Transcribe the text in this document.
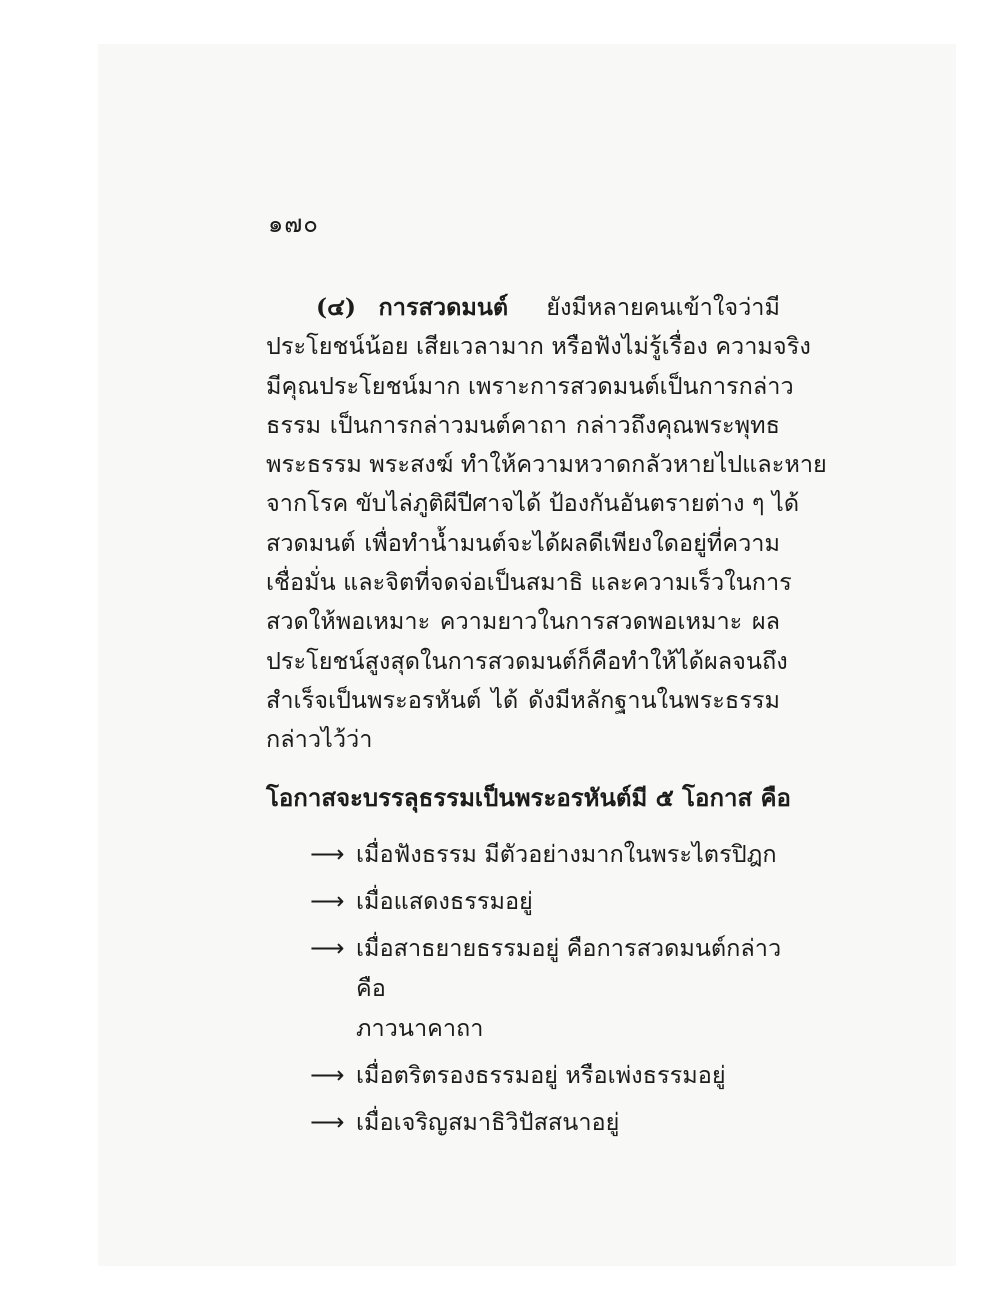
๑๗๐
(๔) การสวดมนต์ ยังมีหลายคนเข้าใจว่ามี
ประโยชน์น้อย เสียเวลามาก หรือฟังไม่รู้เรื่อง ความจริง
มีคุณประโยชน์มาก เพราะการสวดมนต์เป็นการกล่าว
ธรรม เป็นการกล่าวมนต์คาถา กล่าวถึงคุณพระพุทธ
พระธรรม พระสงฆ์ ทำให้ความหวาดกลัวหายไปและหาย
จากโรค ขับไล่ภูติผีปีศาจได้ ป้องกันอันตรายต่าง ๆ ได้
สวดมนต์ เพื่อทำน้ำมนต์จะได้ผลดีเพียงใดอยู่ที่ความ
เชื่อมั่น และจิตที่จดจ่อเป็นสมาธิ และความเร็วในการ
สวดให้พอเหมาะ ความยาวในการสวดพอเหมาะ ผล
ประโยชน์สูงสุดในการสวดมนต์ก็คือทำให้ได้ผลจนถึง
สำเร็จเป็นพระอรหันต์ ได้ ดังมีหลักฐานในพระธรรม
กล่าวไว้ว่า
โอกาสจะบรรลุธรรมเป็นพระอรหันต์มี ๕ โอกาส คือ
⟶ เมื่อฟังธรรม มีตัวอย่างมากในพระไตรปิฎก
⟶ เมื่อแสดงธรรมอยู่
⟶ เมื่อสาธยายธรรมอยู่ คือการสวดมนต์กล่าวคือ
ภาวนาคาถา
⟶ เมื่อตริตรองธรรมอยู่ หรือเพ่งธรรมอยู่
⟶ เมื่อเจริญสมาธิวิปัสสนาอยู่
